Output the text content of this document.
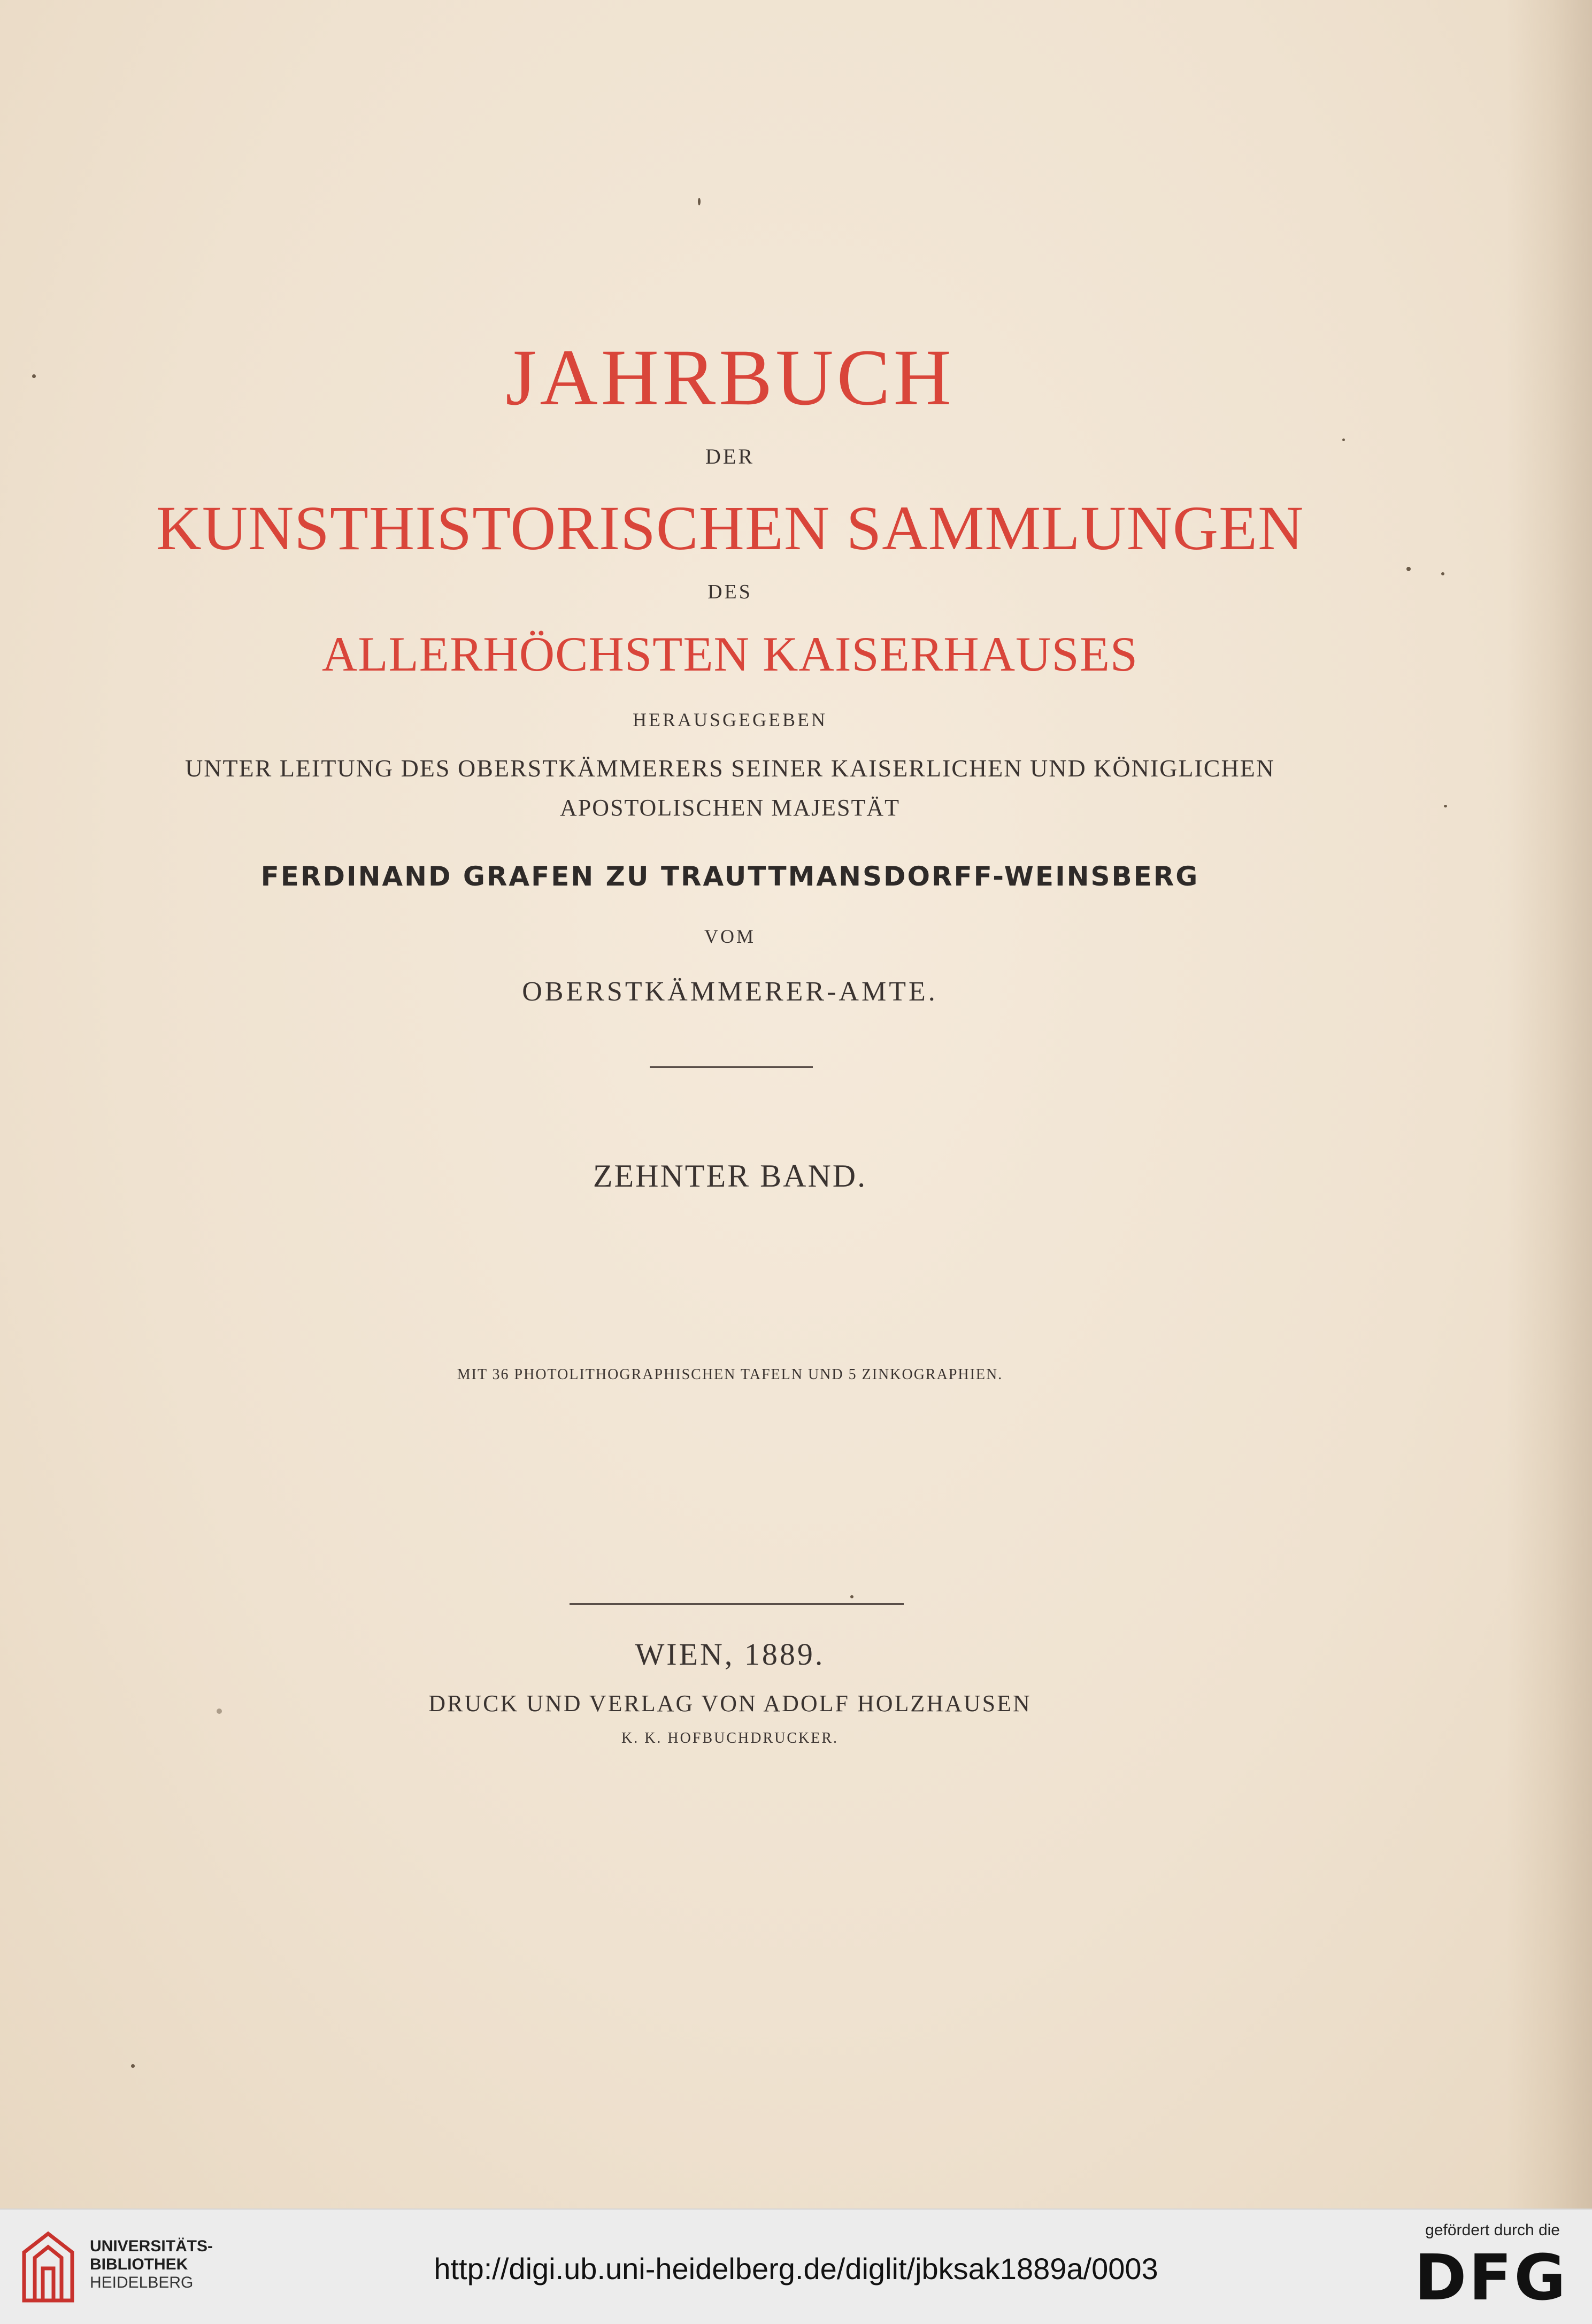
JAHRBUCH
DER
KUNSTHISTORISCHEN SAMMLUNGEN
DES
ALLERHÖCHSTEN KAISERHAUSES
HERAUSGEGEBEN
UNTER LEITUNG DES OBERSTKÄMMERERS SEINER KAISERLICHEN UND KÖNIGLICHEN
APOSTOLISCHEN MAJESTÄT
FERDINAND GRAFEN ZU TRAUTTMANSDORFF-WEINSBERG
VOM
OBERSTKÄMMERER-AMTE.
ZEHNTER BAND.
MIT 36 PHOTOLITHOGRAPHISCHEN TAFELN UND 5 ZINKOGRAPHIEN.
WIEN, 1889.
DRUCK UND VERLAG VON ADOLF HOLZHAUSEN
K. K. HOFBUCHDRUCKER.
UNIVERSITÄTS-
BIBLIOTHEK
HEIDELBERG	http://digi.ub.uni-heidelberg.de/diglit/jbksak1889a/0003
gefördert durch die
DFG
